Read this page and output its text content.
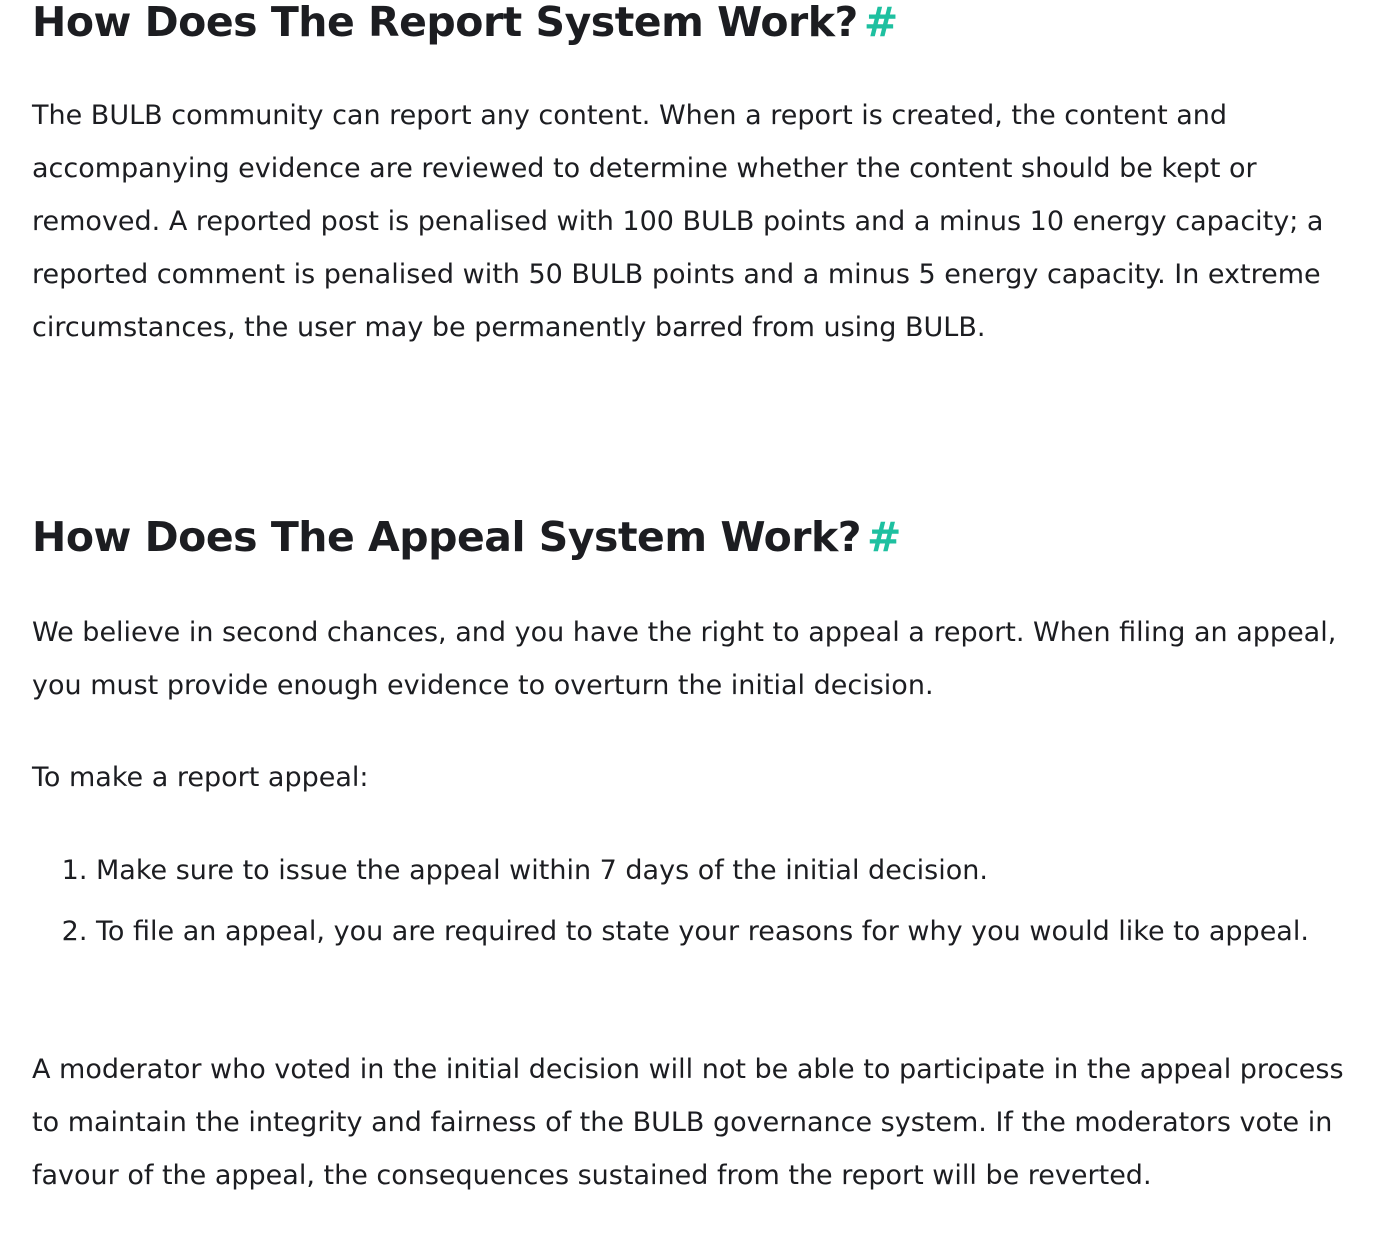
How Does The Report System Work? #

The BULB community can report any content. When a report is created, the content and accompanying evidence are reviewed to determine whether the content should be kept or removed. A reported post is penalised with 100 BULB points and a minus 10 energy capacity; a reported comment is penalised with 50 BULB points and a minus 5 energy capacity. In extreme circumstances, the user may be permanently barred from using BULB.

How Does The Appeal System Work? #

We believe in second chances, and you have the right to appeal a report. When filing an appeal, you must provide enough evidence to overturn the initial decision.

To make a report appeal:

1. Make sure to issue the appeal within 7 days of the initial decision.
2. To file an appeal, you are required to state your reasons for why you would like to appeal.

A moderator who voted in the initial decision will not be able to participate in the appeal process to maintain the integrity and fairness of the BULB governance system. If the moderators vote in favour of the appeal, the consequences sustained from the report will be reverted.
